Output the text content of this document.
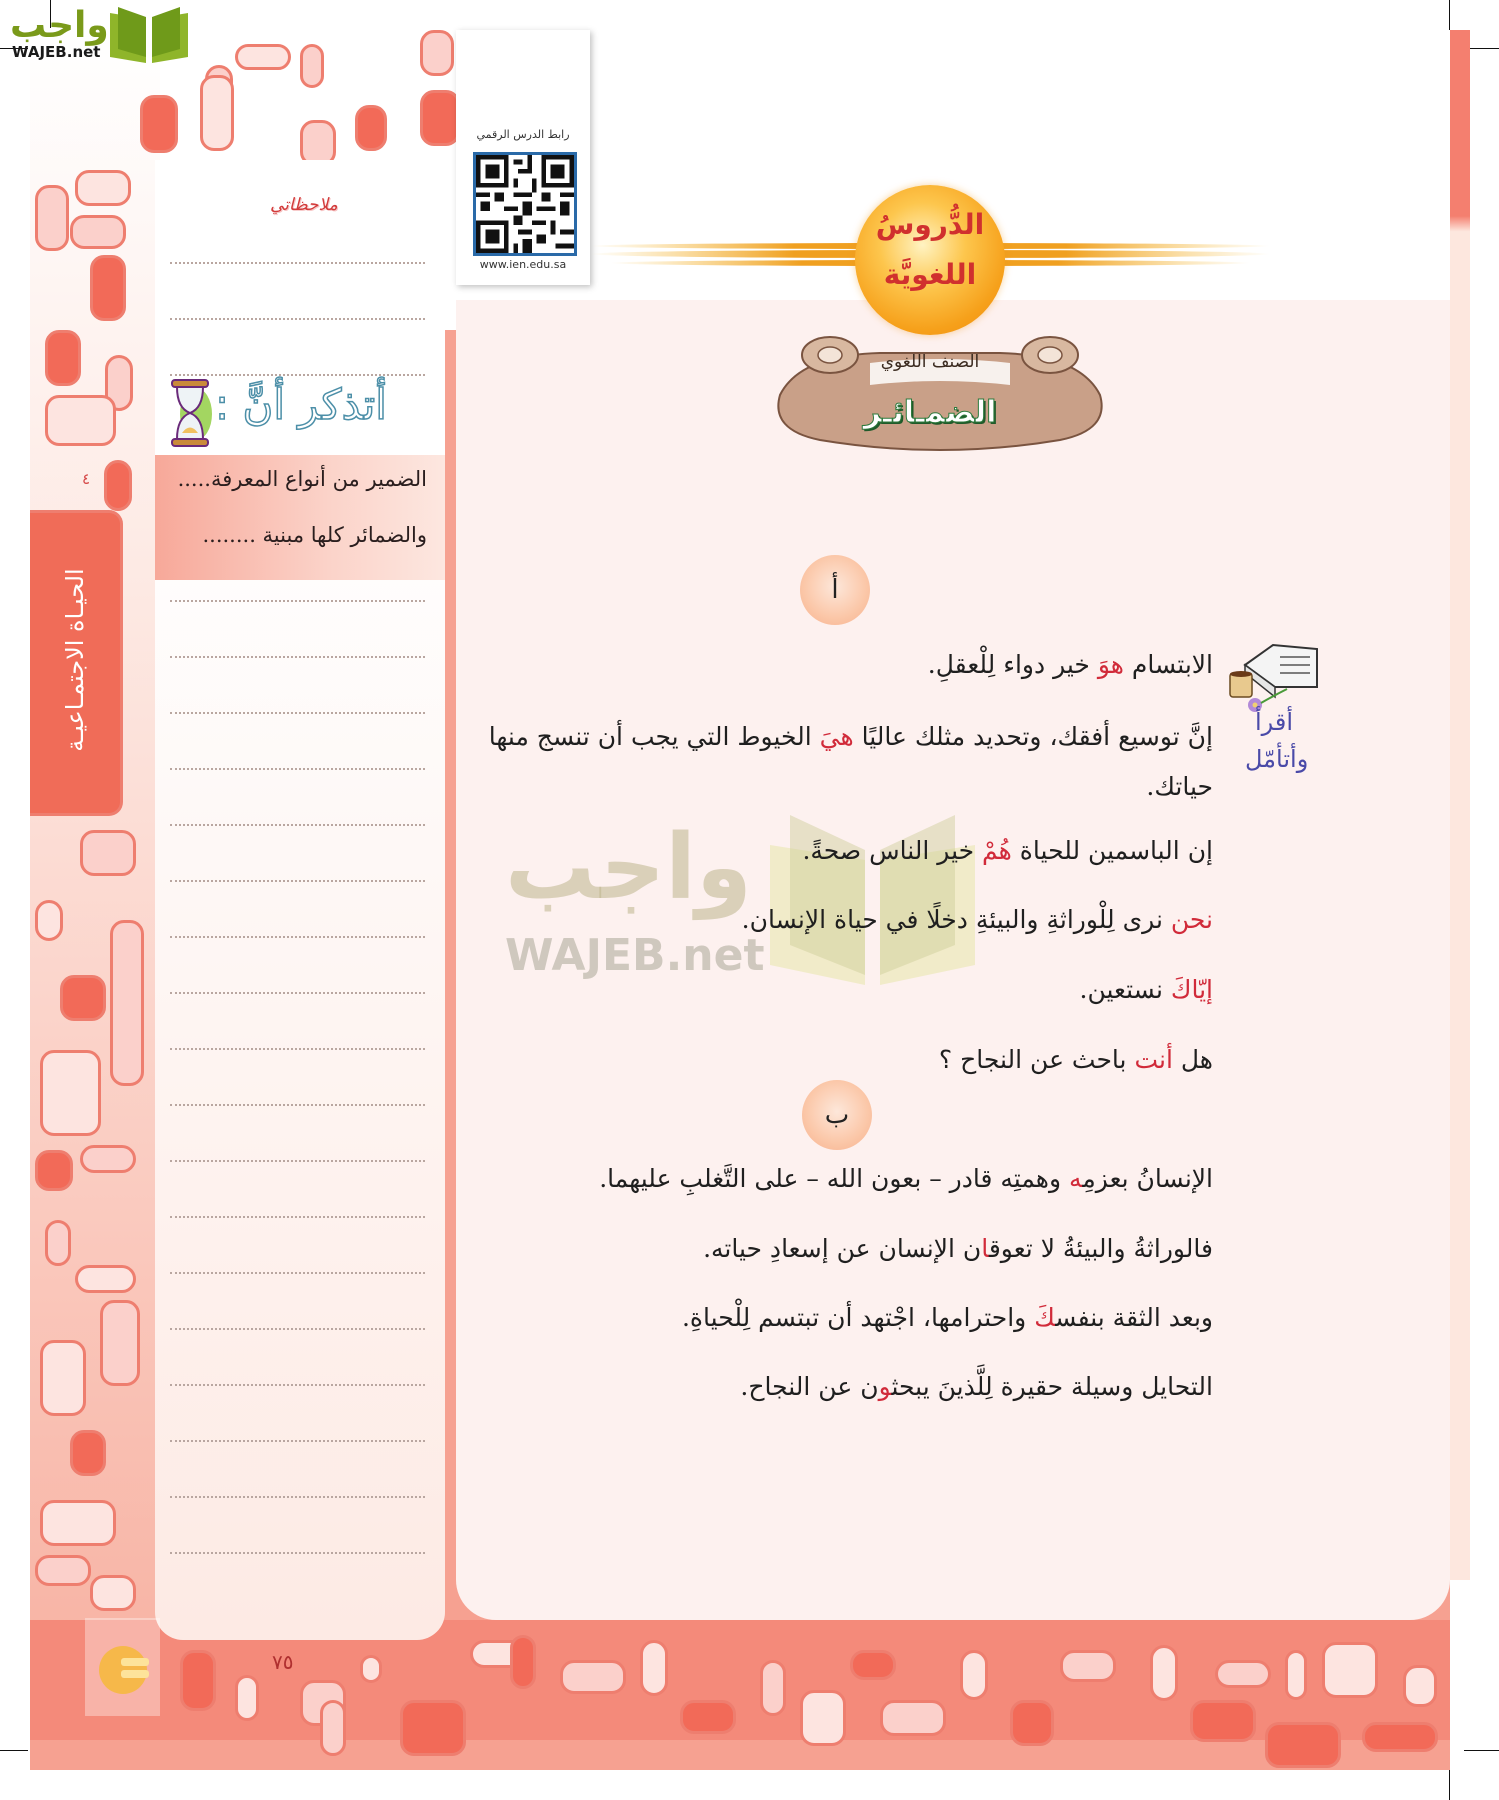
واجب
WAJEB.net
ملاحظاتي
أتذكر أنَّ :
الضمير من أنواع المعرفة.....
والضمائر كلها مبنية ........
٤
الحيـاة الاجتمـاعيـة
رابط الدرس الرقمي
www.ien.edu.sa
الدُّروسُ
اللغويَّة
الصنف اللغوي
الضمـائـر
واجب
WAJEB.net
أقرأ
وأتأمّل
أ
الابتسام هوَ خير دواء لِلْعقلِ.
إنَّ توسيع أفقك، وتحديد مثلك عاليًا هيَ الخيوط التي يجب أن تنسج منها حياتك.
إن الباسمين للحياة هُمْ خير الناس صحةً.
نحن نرى لِلْوراثةِ والبيئةِ دخلًا في حياة الإنسان.
إيّاكَ نستعين.
هل أنت باحث عن النجاح ؟
ب
الإنسانُ بعزمِه وهمتِه قادر – بعون الله – على التَّغلبِ عليهما.
فالوراثةُ والبيئةُ لا تعوقان الإنسان عن إسعادِ حياته.
وبعد الثقة بنفسكَ واحترامها، اجْتهد أن تبتسم لِلْحياةِ.
التحايل وسيلة حقيرة لِلَّذينَ يبحثون عن النجاح.
٧٥
